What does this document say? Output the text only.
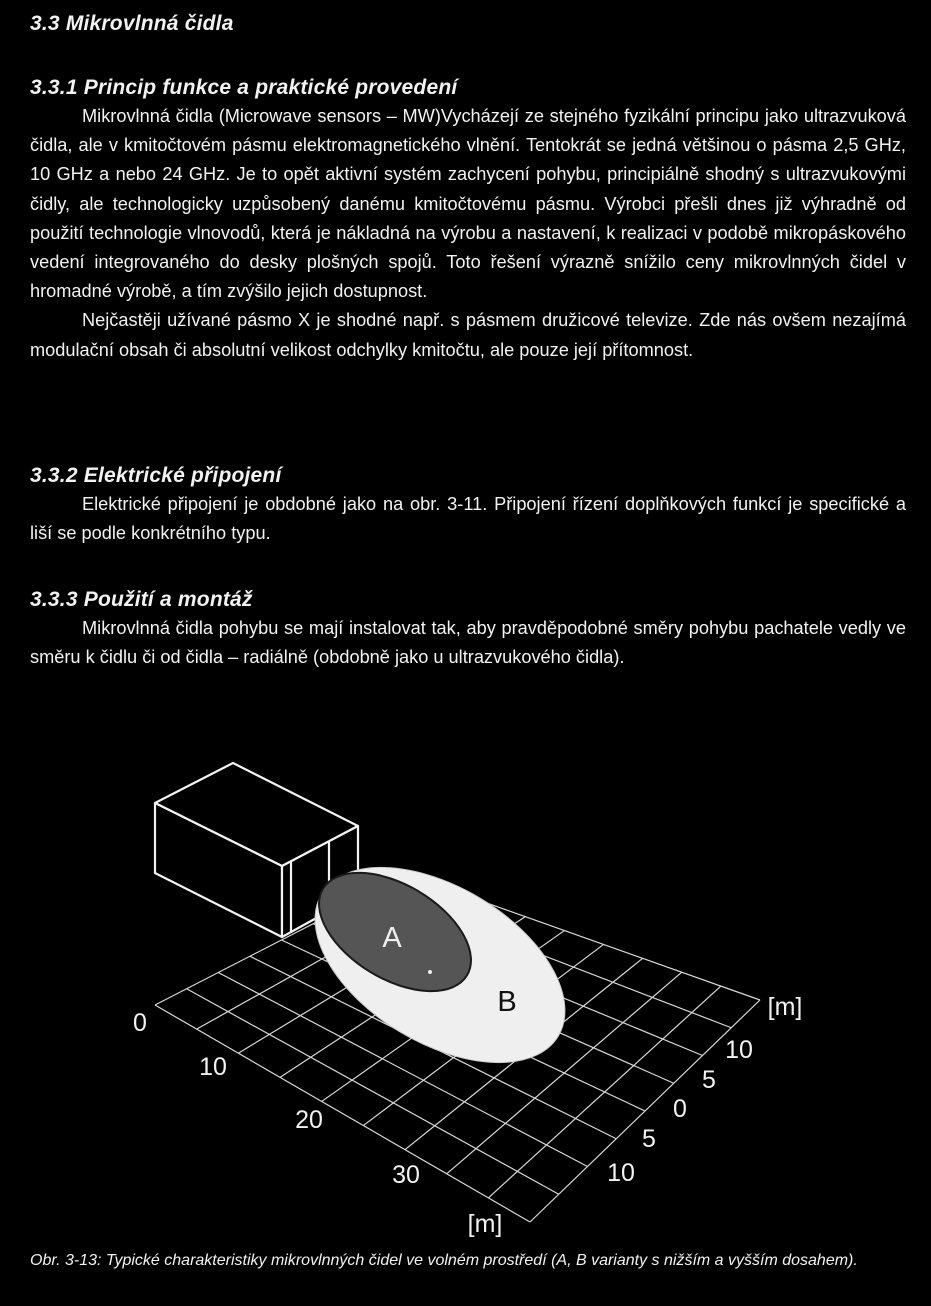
3.3 Mikrovlnná čidla
3.3.1 Princip funkce a praktické provedení

Mikrovlnná čidla (Microwave sensors – MW)Vycházejí ze stejného fyzikální principu jako ultrazvuková čidla, ale v kmitočtovém pásmu elektromagnetického vlnění. Tentokrát se jedná většinou o pásma 2,5 GHz, 10 GHz a nebo 24 GHz. Je to opět aktivní systém zachycení pohybu, principiálně shodný s ultrazvukovými čidly, ale technologicky uzpůsobený danému kmitočtovému pásmu. Výrobci přešli dnes již výhradně od použití technologie vlnovodů, která je nákladná na výrobu a nastavení, k realizaci v podobě mikropáskového vedení integrovaného do desky plošných spojů. Toto řešení výrazně snížilo ceny mikrovlnných čidel v hromadné výrobě, a tím zvýšilo jejich dostupnost.

Nejčastěji užívané pásmo X je shodné např. s pásmem družicové televize. Zde nás ovšem nezajímá modulační obsah či absolutní velikost odchylky kmitočtu, ale pouze její přítomnost.

3.3.2 Elektrické připojení

Elektrické připojení je obdobné jako na obr. 3-11. Připojení řízení doplňkových funkcí je specifické a liší se podle konkrétního typu.

3.3.3 Použití a montáž

Mikrovlnná čidla pohybu se mají instalovat tak, aby pravděpodobné směry pohybu pachatele vedly ve směru k čidlu či od čidla – radiálně (obdobně jako u ultrazvukového čidla).

A
B
0
10
20
30
[m]
10
5
0
5
10
[m]

Obr. 3-13: Typické charakteristiky mikrovlnných čidel ve volném prostředí (A, B varianty s nižším a vyšším dosahem).
